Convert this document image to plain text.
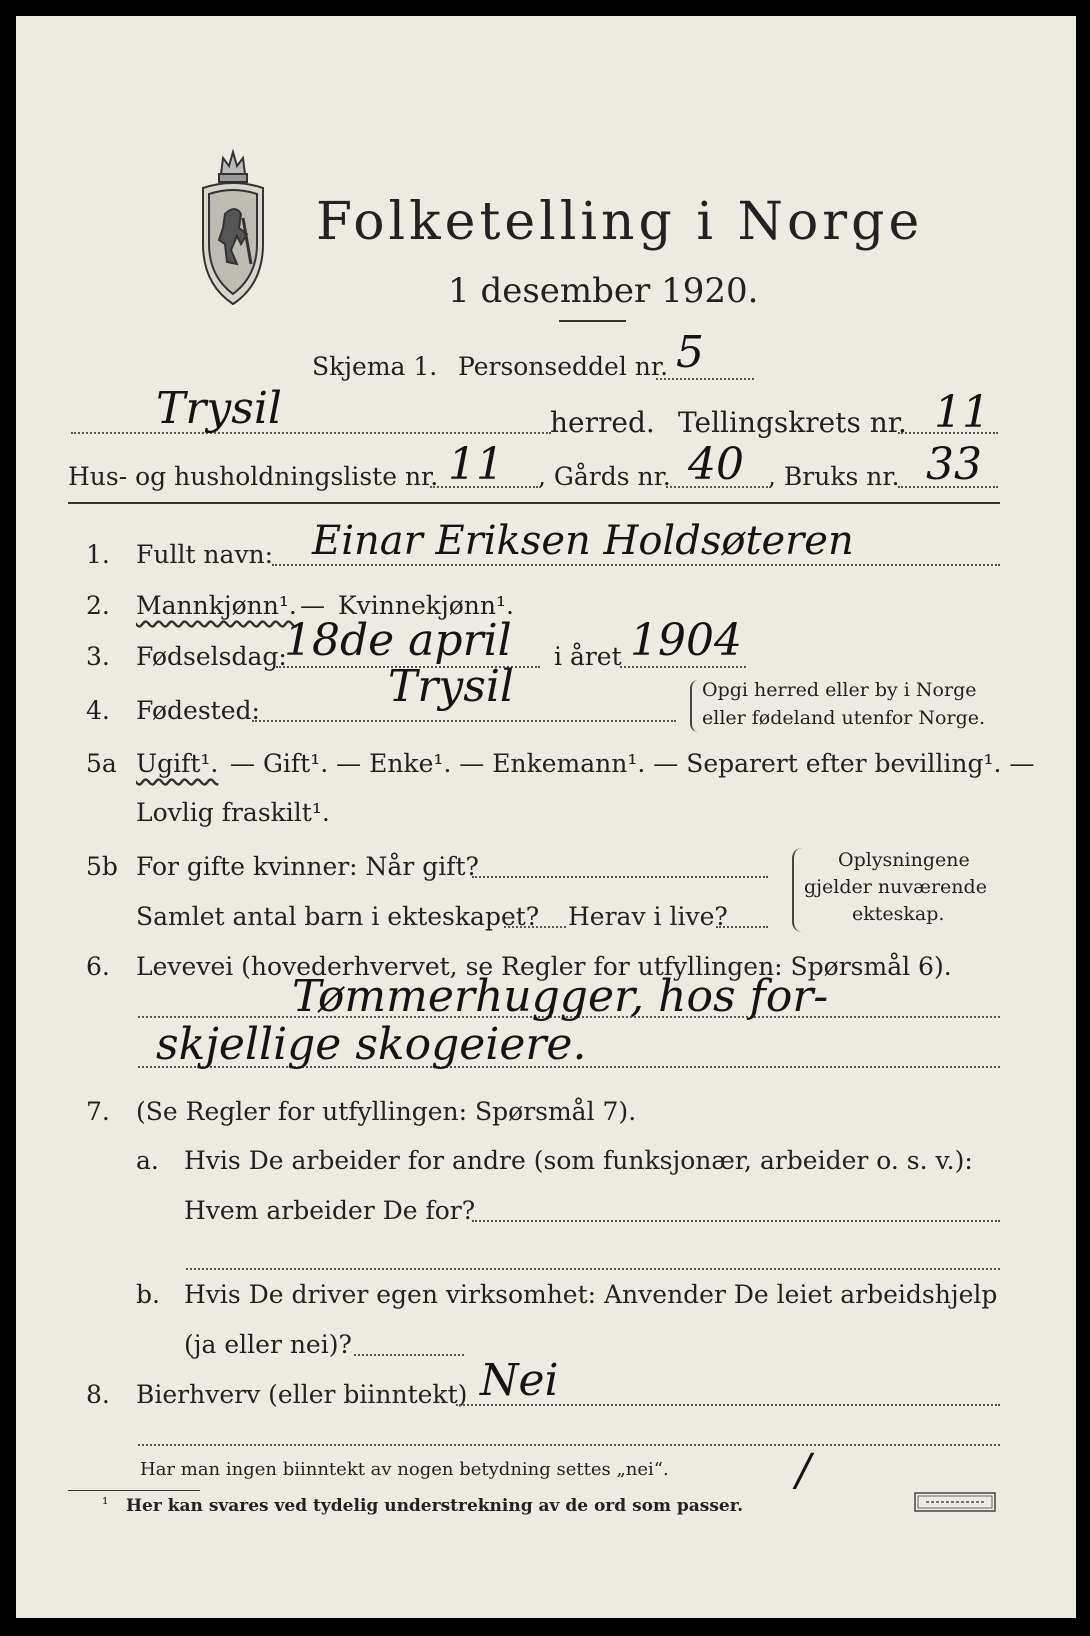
Folketelling i Norge
1 desember 1920.
Skjema 1. Personseddel nr. 5
Trysil	herred. Tellingskrets nr. 11
Hus- og husholdningsliste nr. 11 , Gårds nr. 40 , Bruks nr. 33
1. Fullt navn: Einar Eriksen Holdsøteren
2. Mannkjønn¹. — Kvinnekjønn¹.
3. Fødselsdag:
18de april i året 1904
4. Fødested:	Trysil	Opgi herred eller by i Norge
eller fødeland utenfor Norge.
5a Ugift¹. — Gift¹. — Enke¹. — Enkemann¹. — Separert efter bevilling¹. —
Lovlig fraskilt¹.
5b For gifte kvinner: Når gift?
Samlet antal barn i ekteskapet? Herav i live?
Oplysningene
gjelder nuværende
ekteskap.
6. Levevei (hovederhvervet, se Regler for utfyllingen: Spørsmål 6).
Tømmerhugger, hos for-
skjellige skogeiere.
7. (Se Regler for utfyllingen: Spørsmål 7).
a. Hvis De arbeider for andre (som funksjonær, arbeider o. s. v.):
Hvem arbeider De for?
b. Hvis De driver egen virksomhet: Anvender De leiet arbeidshjelp
(ja eller nei)?
8. Bierhverv (eller biinntekt) Nei
Har man ingen biinntekt av nogen betydning settes „nei“.	/
¹ Her kan svares ved tydelig understrekning av de ord som passer.
